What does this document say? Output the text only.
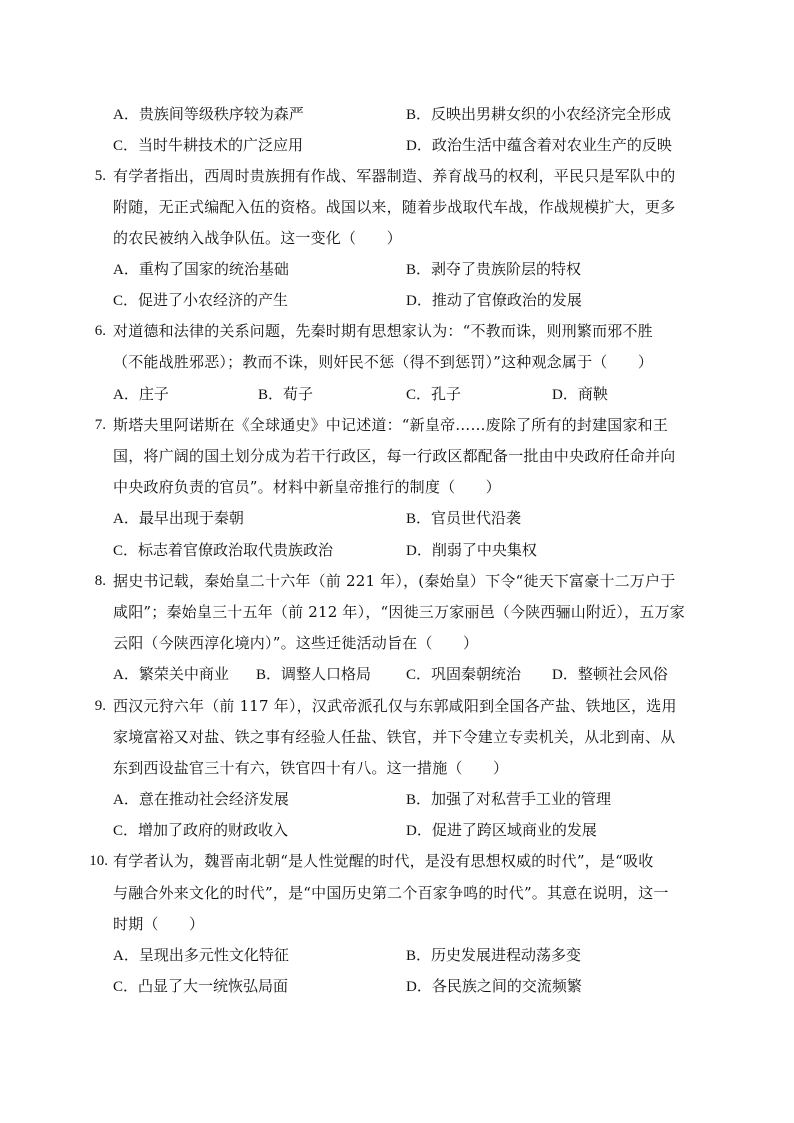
A．贵族间等级秩序较为森严	B．反映出男耕女织的小农经济完全形成
C．当时牛耕技术的广泛应用	D．政治生活中蕴含着对农业生产的反映
5. 有学者指出，西周时贵族拥有作战、军器制造、养育战马的权利，平民只是军队中的
附随，无正式编配入伍的资格。战国以来，随着步战取代车战，作战规模扩大，更多
的农民被纳入战争队伍。这一变化（　　）
A．重构了国家的统治基础	B．剥夺了贵族阶层的特权
C．促进了小农经济的产生	D．推动了官僚政治的发展
6. 对道德和法律的关系问题，先秦时期有思想家认为：“不教而诛，则刑繁而邪不胜
（不能战胜邪恶）；教而不诛，则奸民不惩（得不到惩罚）”这种观念属于（　　）
A．庄子	B．荀子	C．孔子	D．商鞅
7. 斯塔夫里阿诺斯在《全球通史》中记述道：“新皇帝……废除了所有的封建国家和王
国，将广阔的国土划分成为若干行政区，每一行政区都配备一批由中央政府任命并向
中央政府负责的官员”。材料中新皇帝推行的制度（　　）
A．最早出现于秦朝	B．官员世代沿袭
C．标志着官僚政治取代贵族政治	D．削弱了中央集权
8. 据史书记载，秦始皇二十六年（前 221 年），(秦始皇）下令“徙天下富豪十二万户于
咸阳”；秦始皇三十五年（前 212 年），“因徙三万家丽邑（今陕西骊山附近），五万家
云阳（今陕西淳化境内）”。这些迁徙活动旨在（　　）
A．繁荣关中商业 B．调整人口格局 C．巩固秦朝统治 D．整顿社会风俗
9. 西汉元狩六年（前 117 年），汉武帝派孔仅与东郭咸阳到全国各产盐、铁地区，选用
家境富裕又对盐、铁之事有经验人任盐、铁官，并下令建立专卖机关，从北到南、从
东到西设盐官三十有六，铁官四十有八。这一措施（　　）
A．意在推动社会经济发展	B．加强了对私营手工业的管理
C．增加了政府的财政收入	D．促进了跨区域商业的发展
10. 有学者认为，魏晋南北朝“是人性觉醒的时代，是没有思想权威的时代”，是“吸收
与融合外来文化的时代”，是“中国历史第二个百家争鸣的时代”。其意在说明，这一
时期（　　）
A．呈现出多元性文化特征	B．历史发展进程动荡多变
C．凸显了大一统恢弘局面	D．各民族之间的交流频繁
